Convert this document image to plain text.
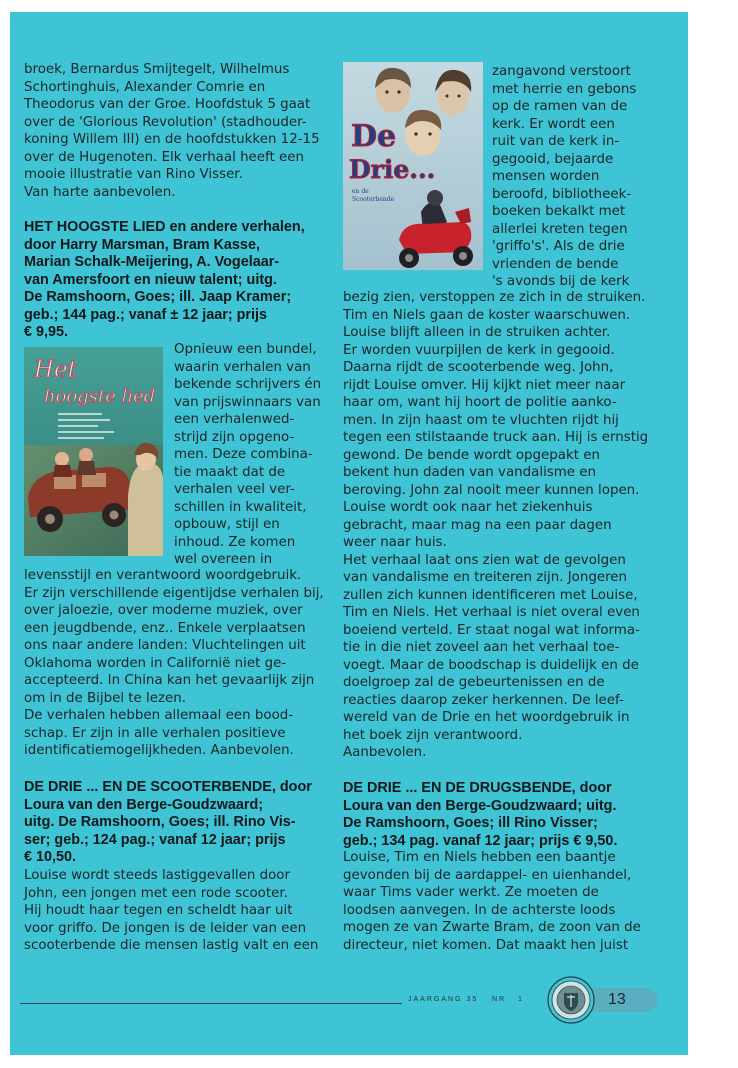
broek, Bernardus Smijtegelt, Wilhelmus
Schortinghuis, Alexander Comrie en
Theodorus van der Groe. Hoofdstuk 5 gaat
over de 'Glorious Revolution' (stadhouder-
koning Willem III) en de hoofdstukken 12-15
over de Hugenoten. Elk verhaal heeft een
mooie illustratie van Rino Visser.
Van harte aanbevolen.
HET HOOGSTE LIED en andere verhalen,
door Harry Marsman, Bram Kasse,
Marian Schalk-Meijering, A. Vogelaar-
van Amersfoort en nieuw talent; uitg.
De Ramshoorn, Goes; ill. Jaap Kramer;
geb.; 144 pag.; vanaf ± 12 jaar; prijs
€ 9,95.
Het
hoogste lied
Opnieuw een bundel,
waarin verhalen van
bekende schrijvers én
van prijswinnaars van
een verhalenwed-
strijd zijn opgeno-
men. Deze combina-
tie maakt dat de
verhalen veel ver-
schillen in kwaliteit,
opbouw, stijl en
inhoud. Ze komen
wel overeen in
levensstijl en verantwoord woordgebruik.
Er zijn verschillende eigentijdse verhalen bij,
over jaloezie, over moderne muziek, over
een jeugdbende, enz.. Enkele verplaatsen
ons naar andere landen: Vluchtelingen uit
Oklahoma worden in Californië niet ge-
accepteerd. In China kan het gevaarlijk zijn
om in de Bijbel te lezen.
De verhalen hebben allemaal een bood-
schap. Er zijn in alle verhalen positieve
identificatiemogelijkheden. Aanbevolen.
DE DRIE ... EN DE SCOOTERBENDE, door
Loura van den Berge-Goudzwaard;
uitg. De Ramshoorn, Goes; ill. Rino Vis-
ser; geb.; 124 pag.; vanaf 12 jaar; prijs
€ 10,50.
Louise wordt steeds lastiggevallen door
John, een jongen met een rode scooter.
Hij houdt haar tegen en scheldt haar uit
voor griffo. De jongen is de leider van een
scooterbende die mensen lastig valt en een
De
Drie...
en de
Scooterbende
zangavond verstoort
met herrie en gebons
op de ramen van de
kerk. Er wordt een
ruit van de kerk in-
gegooid, bejaarde
mensen worden
beroofd, bibliotheek-
boeken bekalkt met
allerlei kreten tegen
'griffo's'. Als de drie
vrienden de bende
's avonds bij de kerk
bezig zien, verstoppen ze zich in de struiken.
Tim en Niels gaan de koster waarschuwen.
Louise blijft alleen in de struiken achter.
Er worden vuurpijlen de kerk in gegooid.
Daarna rijdt de scooterbende weg. John,
rijdt Louise omver. Hij kijkt niet meer naar
haar om, want hij hoort de politie aanko-
men. In zijn haast om te vluchten rijdt hij
tegen een stilstaande truck aan. Hij is ernstig
gewond. De bende wordt opgepakt en
bekent hun daden van vandalisme en
beroving. John zal nooit meer kunnen lopen.
Louise wordt ook naar het ziekenhuis
gebracht, maar mag na een paar dagen
weer naar huis.
Het verhaal laat ons zien wat de gevolgen
van vandalisme en treiteren zijn. Jongeren
zullen zich kunnen identificeren met Louise,
Tim en Niels. Het verhaal is niet overal even
boeiend verteld. Er staat nogal wat informa-
tie in die niet zoveel aan het verhaal toe-
voegt. Maar de boodschap is duidelijk en de
doelgroep zal de gebeurtenissen en de
reacties daarop zeker herkennen. De leef-
wereld van de Drie en het woordgebruik in
het boek zijn verantwoord.
Aanbevolen.
DE DRIE ... EN DE DRUGSBENDE, door
Loura van den Berge-Goudzwaard; uitg.
De Ramshoorn, Goes; ill Rino Visser;
geb.; 134 pag. vanaf 12 jaar; prijs € 9,50.
Louise, Tim en Niels hebben een baantje
gevonden bij de aardappel- en uienhandel,
waar Tims vader werkt. Ze moeten de
loodsen aanvegen. In de achterste loods
mogen ze van Zwarte Bram, de zoon van de
directeur, niet komen. Dat maakt hen juist
JAARGANG 35 NR 1	13
